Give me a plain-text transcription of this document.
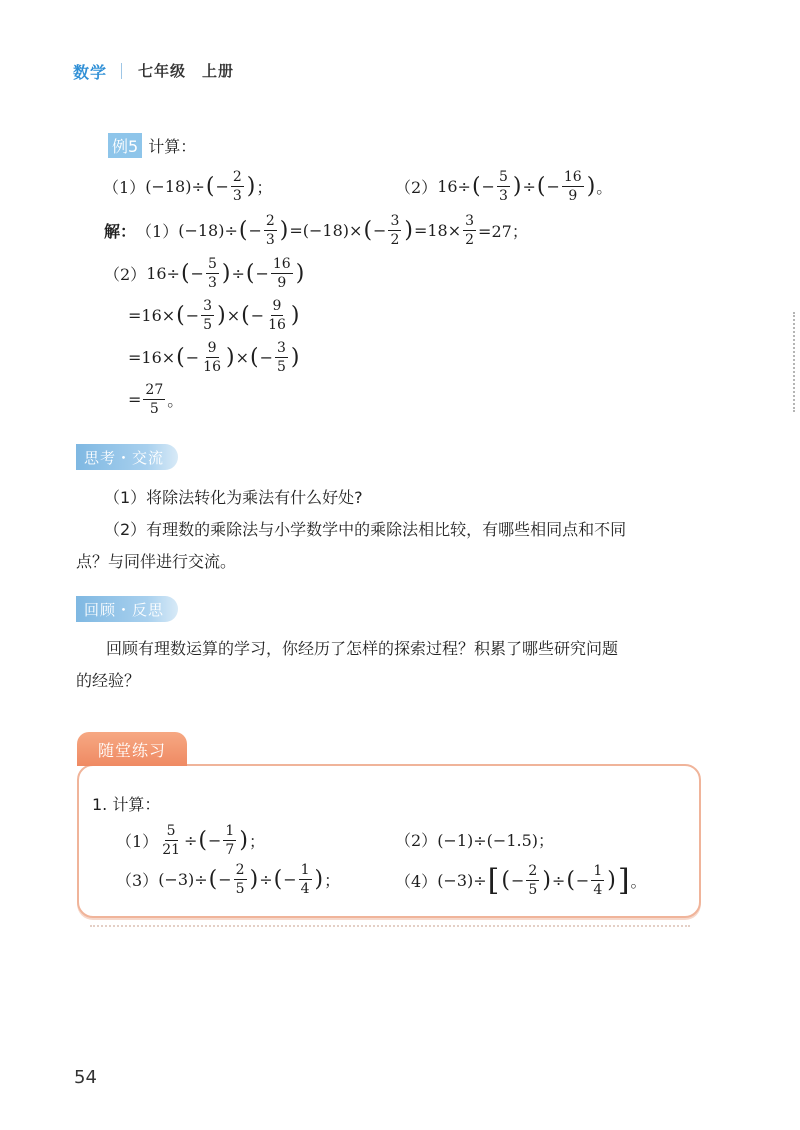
数学 七年级　上册
例5 计算：
（1） (−18) ÷ ( − $\frac{2}{3}$ ) ；	（2） 16 ÷ ( − $\frac{5}{3}$ ) ÷ ( − $\frac{16}{9}$ ) 。
解： （1） (−18) ÷ ( − $\frac{2}{3}$ ) =(−18)× ( − $\frac{3}{2}$ ) $=18\times \frac{3}{2} =27$；
（2） 16÷ ( − $\frac{5}{3}$ ) ÷ ( − $\frac{16}{9}$ )
=16× ( − $\frac{3}{5}$ ) × ( − $\frac{9}{16}$ )
=16× ( − $\frac{9}{16}$ ) × ( − $\frac{3}{5}$ )
= $\frac{27}{5}$ 。
思考・交流
（1）将除法转化为乘法有什么好处?
（2）有理数的乘除法与小学数学中的乘除法相比较，有哪些相同点和不同
点？与同伴进行交流。
回顾・反思
回顾有理数运算的学习，你经历了怎样的探索过程？积累了哪些研究问题
的经验？
随堂练习
1. 计算：
$(1) \frac{5}{21}$ ÷ ( − $\frac{1}{7}$ ) ；	（2） (−1)÷(−1.5)；
（3） (−3)÷ ( − $\frac{2}{5}$ ) ÷ ( − $\frac{1}{4}$ ) ；	（4） (−3)÷ [ ( − $\frac{2}{5}$ ) ÷ ( − $\frac{1}{4}$ ) ] 。
54
